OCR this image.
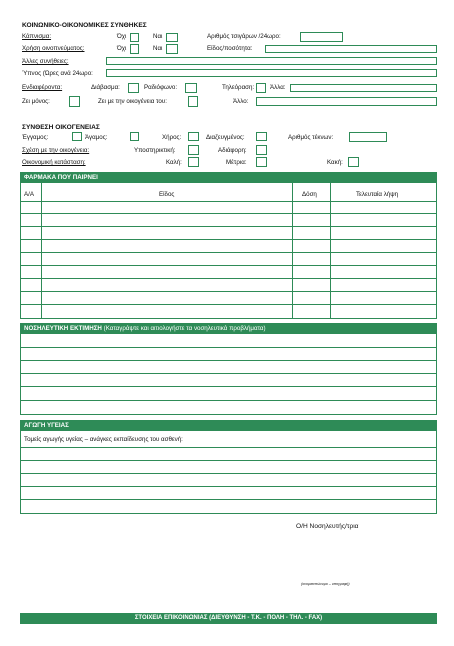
ΚΟΙΝΩΝΙΚΟ-ΟΙΚΟΝΟΜΙΚΕΣ ΣΥΝΘΗΚΕΣ
Κάπνισμα:	Όχι	Ναι	Αριθμός τσιγάρων /24ωρο:
Χρήση οινοπνεύματος:	Όχι	Ναι	Είδος/ποσότητα:
Άλλες συνήθειες:
Ύπνος (Ώρες ανά 24ωρο:
Ενδιαφέροντα:	Διάβασμα:	Ραδιόφωνο:	Τηλεόραση:	Άλλα:
Ζει μόνος:	Ζει με την οικογένεια του:	Άλλο:
ΣΥΝΘΕΣΗ ΟΙΚΟΓΕΝΕΙΑΣ
Έγγαμος:	Άγαμος:	Χήρος:	Διαζευγμένος:	Αριθμός τέκνων:
Σχέση με την οικογένεια:	Υποστηρικτική:	Αδιάφορη:
Οικονομική κατάσταση:	Καλή:	Μέτρια:	Κακή:
ΦΑΡΜΑΚΑ ΠΟΥ ΠΑΙΡΝΕΙ
Α/Α	Είδος	Δόση	Τελευταία λήψη
ΝΟΣΗΛΕΥΤΙΚΗ ΕΚΤΙΜΗΣΗ (Καταγράψτε και αιτιολογήστε τα νοσηλευτικά προβλήματα)
ΑΓΩΓΗ ΥΓΕΙΑΣ
Τομείς αγωγής υγείας – ανάγκες εκπαίδευσης του ασθενή:
Ο/Η Νοσηλευτής/τρια
(ονοματεπώνυμο – υπογραφή)
ΣΤΟΙΧΕΙΑ ΕΠΙΚΟΙΝΩΝΙΑΣ (ΔΙΕΥΘΥΝΣΗ - Τ.Κ. - ΠΟΛΗ - ΤΗΛ. - FAX)
